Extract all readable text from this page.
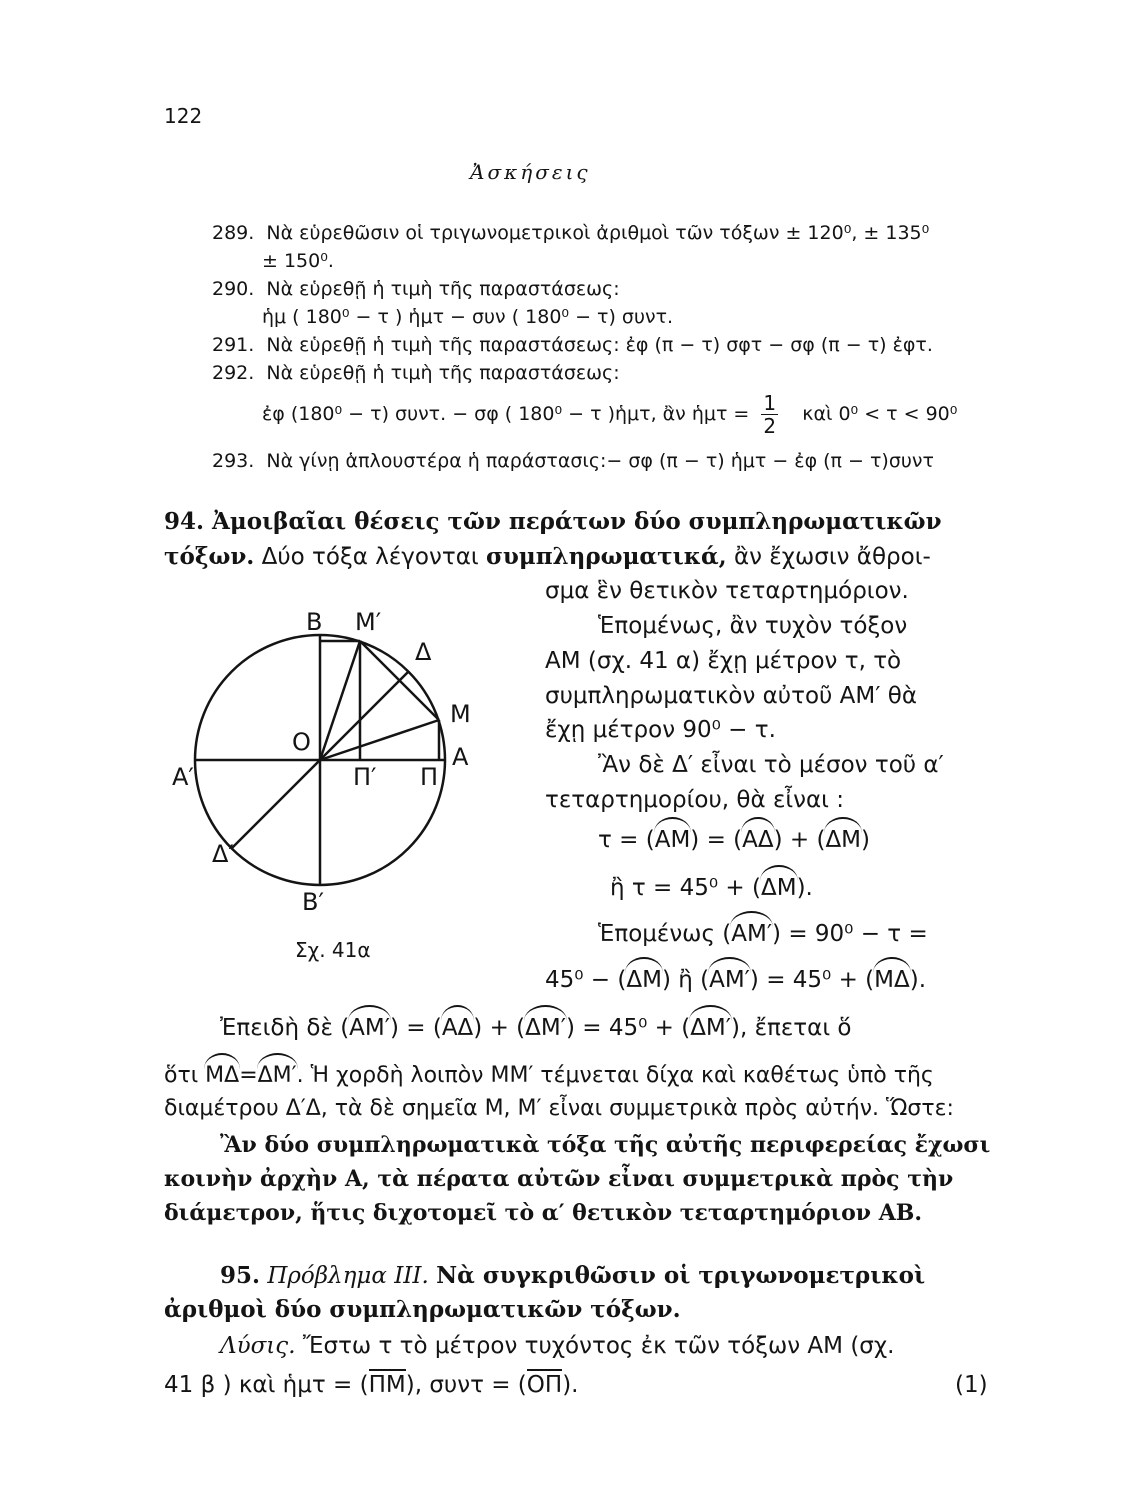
122
Ἀσκήσεις
289. Νὰ εὑρεθῶσιν οἱ τριγωνομετρικοὶ ἀριθμοὶ τῶν τόξων ± 120⁰, ± 135⁰
± 150⁰.
290. Νὰ εὑρεθῇ ἡ τιμὴ τῆς παραστάσεως:
ἡμ ( 180⁰ − τ ) ἡμτ − συν ( 180⁰ − τ) συντ.
291. Νὰ εὑρεθῇ ἡ τιμὴ τῆς παραστάσεως: ἐφ (π − τ) σφτ − σφ (π − τ) ἐφτ.
292. Νὰ εὑρεθῇ ἡ τιμὴ τῆς παραστάσεως:
ἐφ (180⁰ − τ) συντ. − σφ ( 180⁰ − τ )ἡμτ, ἂν ἡμτ = $\frac{1}{2}$ καὶ 0⁰ < τ < 90⁰
293. Νὰ γίνῃ ἁπλουστέρα ἡ παράστασις:− σφ (π − τ) ἡμτ − ἐφ (π − τ)συντ
94. Ἀμοιβαῖαι θέσεις τῶν περάτων δύο συμπληρωματικῶν
τόξων. Δύο τόξα λέγονται συμπληρωματικά, ἂν ἔχωσιν ἄθροι-
σμα ἓν θετικὸν τεταρτημόριον.
Ἑπομένως, ἂν τυχὸν τόξον
ΑΜ (σχ. 41 α) ἔχῃ μέτρον τ, τὸ
συμπληρωματικὸν αὐτοῦ ΑΜ′ θὰ
ἔχῃ μέτρον 90⁰ − τ.
Ἂν δὲ Δ′ εἶναι τὸ μέσον τοῦ α′
τεταρτημορίου, θὰ εἶναι :
τ = (ΑΜ) = (ΑΔ) + (ΔΜ)
ἢ τ = 45⁰ + (ΔΜ).
Ἑπομένως (ΑΜ′) = 90⁰ − τ =
45⁰ − (ΔΜ) ἢ (ΑΜ′) = 45⁰ + (ΜΔ).
Ἐπειδὴ δὲ (ΑΜ′) = (ΑΔ) + (ΔΜ′) = 45⁰ + (ΔΜ′), ἔπεται ὅ
ὅτι ΜΔ=ΔΜ′. Ἡ χορδὴ λοιπὸν ΜΜ′ τέμνεται δίχα καὶ καθέτως ὑπὸ τῆς
διαμέτρου Δ′Δ, τὰ δὲ σημεῖα Μ, Μ′ εἶναι συμμετρικὰ πρὸς αὐτήν. Ὥστε:
Ἂν δύο συμπληρωματικὰ τόξα τῆς αὐτῆς περιφερείας ἔχωσι
κοινὴν ἀρχὴν Α, τὰ πέρατα αὐτῶν εἶναι συμμετρικὰ πρὸς τὴν
διάμετρον, ἥτις διχοτομεῖ τὸ α′ θετικὸν τεταρτημόριον ΑΒ.
95. Πρόβλημα ΙΙΙ. Νὰ συγκριθῶσιν οἱ τριγωνομετρικοὶ
ἀριθμοὶ δύο συμπληρωματικῶν τόξων.
Λύσις. Ἔστω τ τὸ μέτρον τυχόντος ἐκ τῶν τόξων ΑΜ (σχ.
41 β ) καὶ ἡμτ = (ΠΜ), συντ = (ΟΠ).	(1)
Β Μ′
Δ
Μ
Ο
Α
Α′	Π′ Π
Δ′
Β′
Σχ. 41α
